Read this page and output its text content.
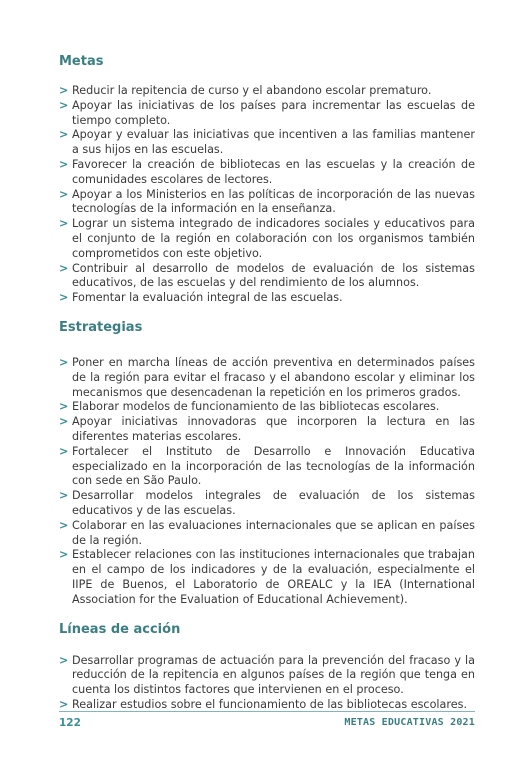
Metas
> Reducir la repitencia de curso y el abandono escolar prematuro.
> Apoyar las iniciativas de los países para incrementar las escuelas de tiempo completo.
> Apoyar y evaluar las iniciativas que incentiven a las familias mantener a sus hijos en las escuelas.
> Favorecer la creación de bibliotecas en las escuelas y la creación de comunidades escolares de lectores.
> Apoyar a los Ministerios en las políticas de incorporación de las nuevas tecnologías de la información en la enseñanza.
> Lograr un sistema integrado de indicadores sociales y educativos para el conjunto de la región en colaboración con los organismos también comprometidos con este objetivo.
> Contribuir al desarrollo de modelos de evaluación de los sistemas educativos, de las escuelas y del rendimiento de los alumnos.
> Fomentar la evaluación integral de las escuelas.
Estrategias
> Poner en marcha líneas de acción preventiva en determinados países de la región para evitar el fracaso y el abandono escolar y eliminar los mecanismos que desencadenan la repetición en los primeros grados.
> Elaborar modelos de funcionamiento de las bibliotecas escolares.
> Apoyar iniciativas innovadoras que incorporen la lectura en las diferentes materias escolares.
> Fortalecer el Instituto de Desarrollo e Innovación Educativa especializado en la incorporación de las tecnologías de la información con sede en São Paulo.
> Desarrollar modelos integrales de evaluación de los sistemas educativos y de las escuelas.
> Colaborar en las evaluaciones internacionales que se aplican en países de la región.
> Establecer relaciones con las instituciones internacionales que trabajan en el campo de los indicadores y de la evaluación, especialmente el IIPE de Buenos, el Laboratorio de OREALC y la IEA (International Association for the Evaluation of Educational Achievement).
Líneas de acción
> Desarrollar programas de actuación para la prevención del fracaso y la reducción de la repitencia en algunos países de la región que tenga en cuenta los distintos factores que intervienen en el proceso.
> Realizar estudios sobre el funcionamiento de las bibliotecas escolares.
122	METAS EDUCATIVAS 2021
